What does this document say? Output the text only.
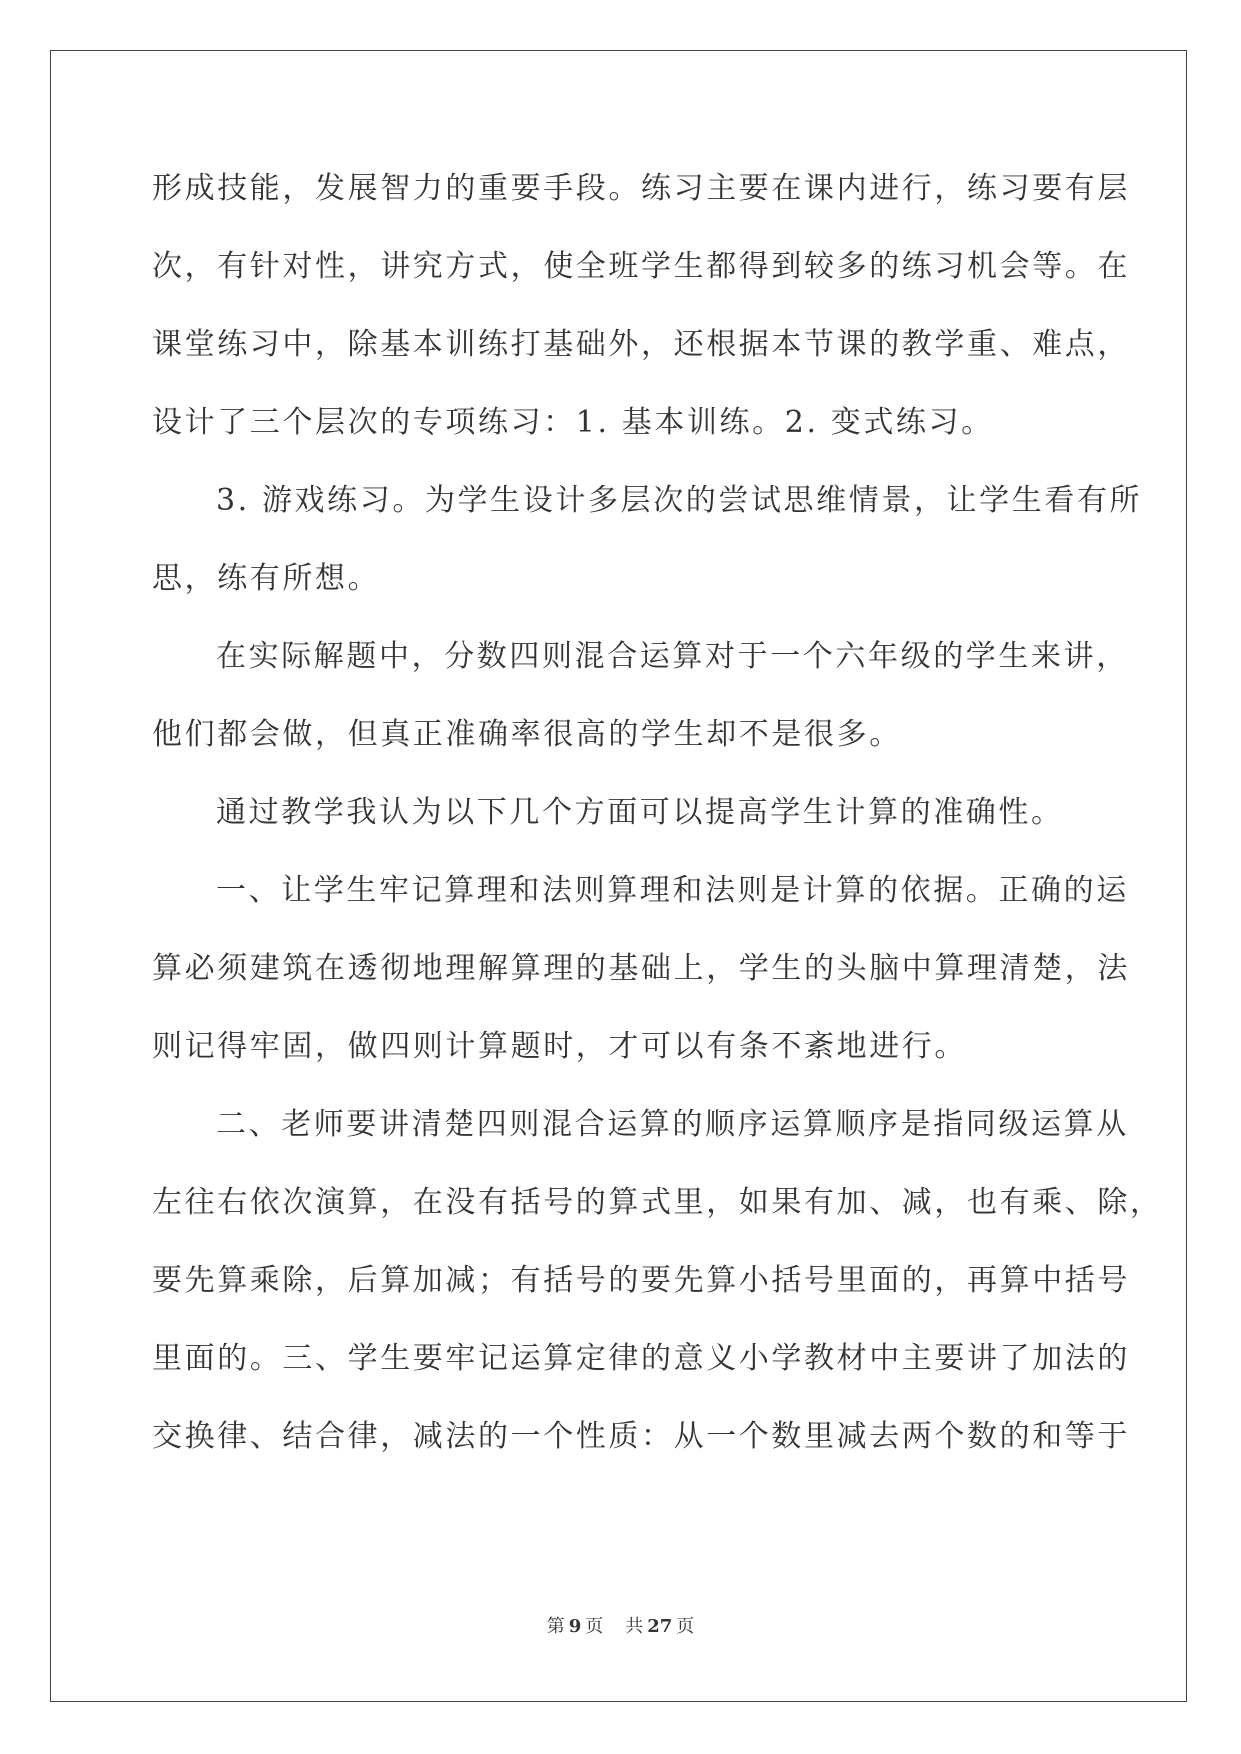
形成技能，发展智力的重要手段。练习主要在课内进行，练习要有层
次，有针对性，讲究方式，使全班学生都得到较多的练习机会等。在
课堂练习中，除基本训练打基础外，还根据本节课的教学重、难点，
设计了三个层次的专项练习：1. 基本训练。2. 变式练习。
3. 游戏练习。为学生设计多层次的尝试思维情景，让学生看有所
思，练有所想。
在实际解题中，分数四则混合运算对于一个六年级的学生来讲，
他们都会做，但真正准确率很高的学生却不是很多。
通过教学我认为以下几个方面可以提高学生计算的准确性。
一、让学生牢记算理和法则算理和法则是计算的依据。正确的运
算必须建筑在透彻地理解算理的基础上，学生的头脑中算理清楚，法
则记得牢固，做四则计算题时，才可以有条不紊地进行。
二、老师要讲清楚四则混合运算的顺序运算顺序是指同级运算从
左往右依次演算，在没有括号的算式里，如果有加、减，也有乘、除，
要先算乘除，后算加减；有括号的要先算小括号里面的，再算中括号
里面的。三、学生要牢记运算定律的意义小学教材中主要讲了加法的
交换律、结合律，减法的一个性质：从一个数里减去两个数的和等于
第 9 页 共 27 页
